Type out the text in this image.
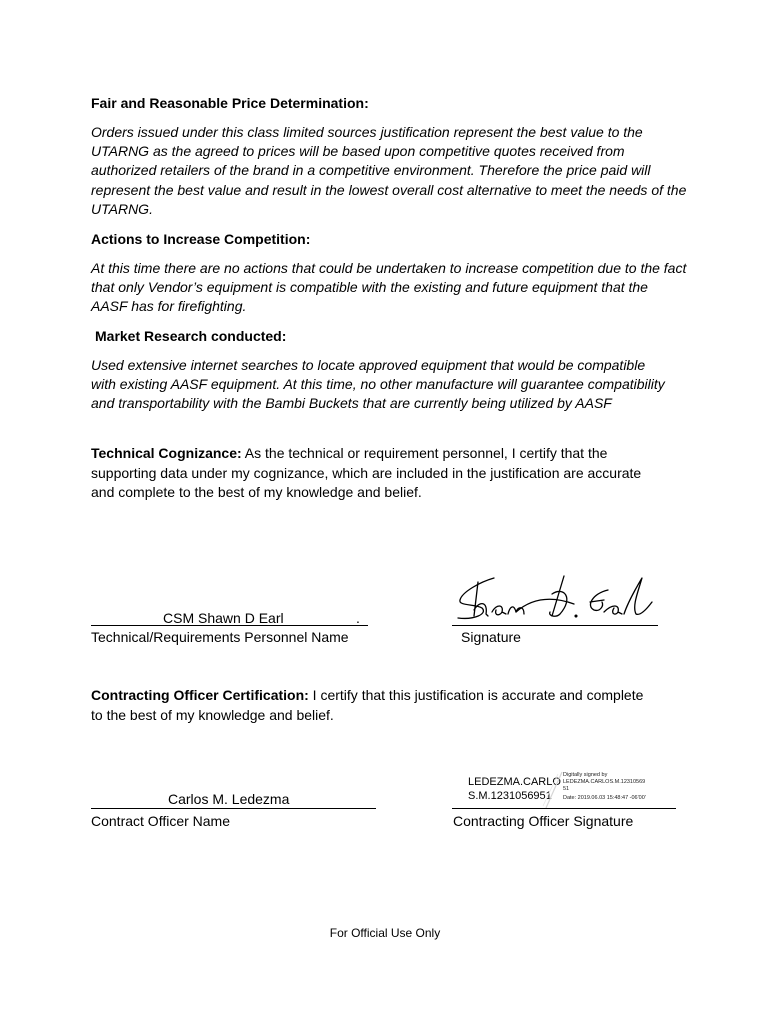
Fair and Reasonable Price Determination:
Orders issued under this class limited sources justification represent the best value to the UTARNG as the agreed to prices will be based upon competitive quotes received from authorized retailers of the brand in a competitive environment. Therefore the price paid will represent the best value and result in the lowest overall cost alternative to meet the needs of the UTARNG.
Actions to Increase Competition:
At this time there are no actions that could be undertaken to increase competition due to the fact that only Vendor’s equipment is compatible with the existing and future equipment that the AASF has for firefighting.
Market Research conducted:
Used extensive internet searches to locate approved equipment that would be compatible with existing AASF equipment. At this time, no other manufacture will guarantee compatibility and transportability with the Bambi Buckets that are currently being utilized by AASF
Technical Cognizance: As the technical or requirement personnel, I certify that the supporting data under my cognizance, which are included in the justification are accurate and complete to the best of my knowledge and belief.
CSM Shawn D Earl	.
Technical/Requirements Personnel Name	Signature
Contracting Officer Certification: I certify that this justification is accurate and complete to the best of my knowledge and belief.
Carlos M. Ledezma
Contract Officer Name
LEDEZMA.CARLO
S.M.1231056951
Digitally signed by
LEDEZMA.CARLOS.M.12310569
51
Date: 2019.06.03 15:48:47 -06'00'
Contracting Officer Signature
For Official Use Only
